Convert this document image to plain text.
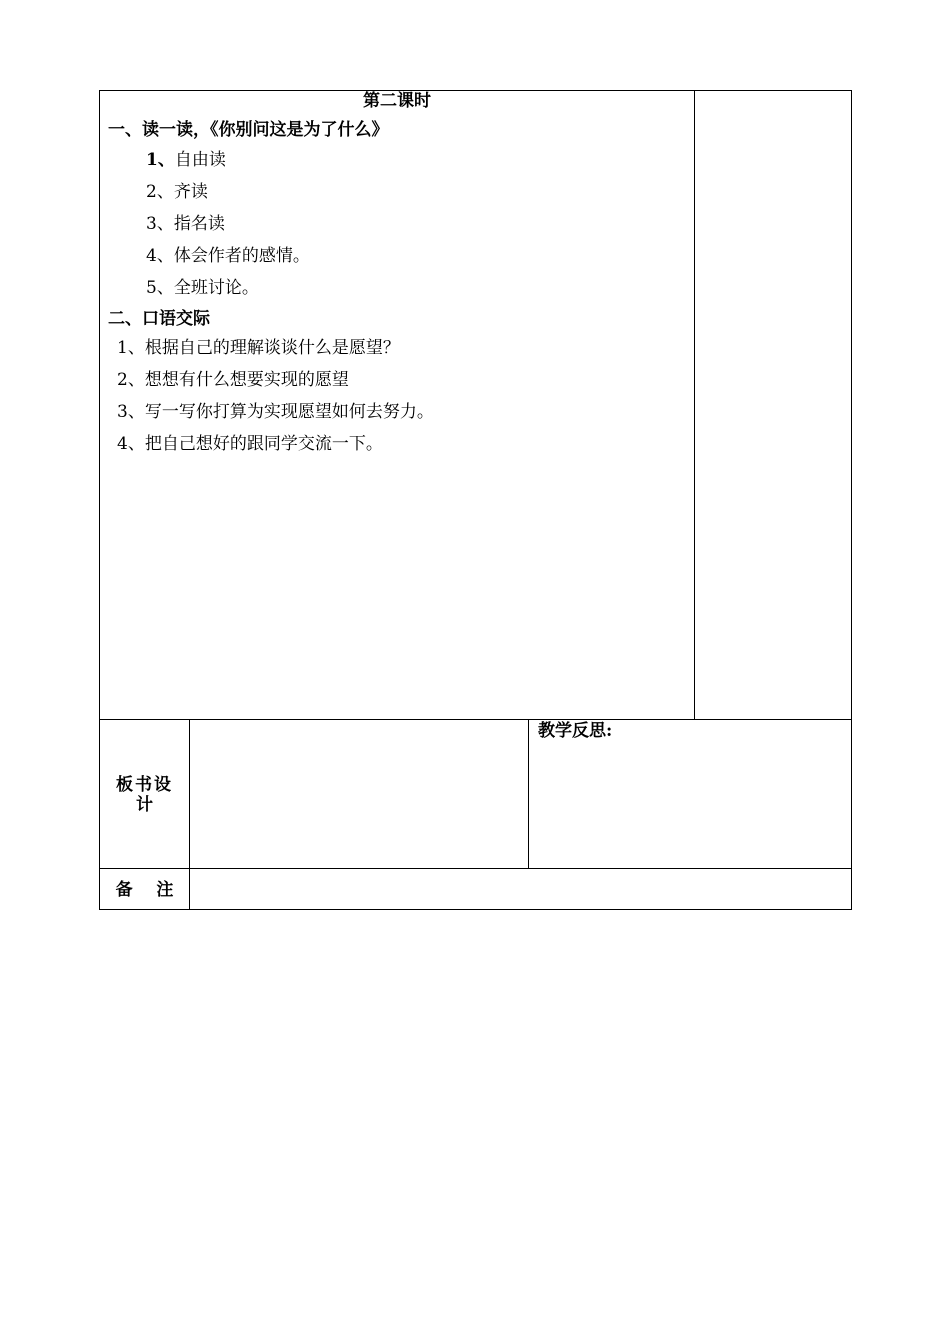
第二课时
一、读一读，《你别问这是为了什么》
1、自由读
2、齐读
3、指名读
4、体会作者的感情。
5、全班讨论。
二、口语交际
1、根据自己的理解谈谈什么是愿望？
2、想想有什么想要实现的愿望
3、写一写你打算为实现愿望如何去努力。
4、把自己想好的跟同学交流一下。
板书设
计
教学反思:
备    注
